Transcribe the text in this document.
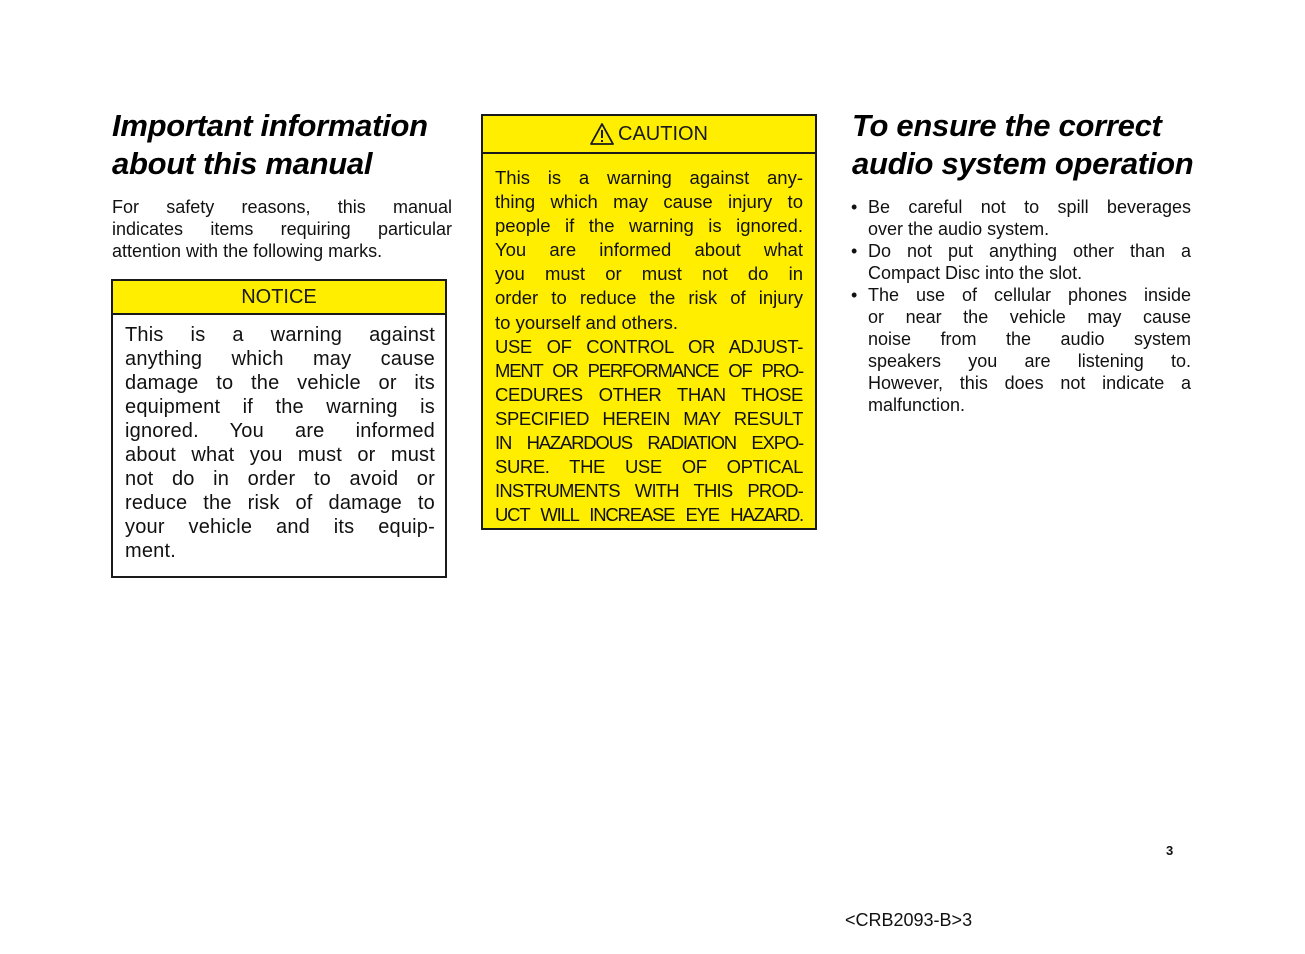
Important information
about this manual
For safety reasons, this manual
indicates items requiring particular
attention with the following marks.
NOTICE
This is a warning against
anything which may cause
damage to the vehicle or its
equipment if the warning is
ignored. You are informed
about what you must or must
not do in order to avoid or
reduce the risk of damage to
your vehicle and its equip-
ment.
CAUTION
This is a warning against any-
thing which may cause injury to
people if the warning is ignored.
You are informed about what
you must or must not do in
order to reduce the risk of injury
to yourself and others.
USE OF CONTROL OR ADJUST-
MENT OR PERFORMANCE OF PRO-
CEDURES OTHER THAN THOSE
SPECIFIED HEREIN MAY RESULT
IN HAZARDOUS RADIATION EXPO-
SURE. THE USE OF OPTICAL
INSTRUMENTS WITH THIS PROD-
UCT WILL INCREASE EYE HAZARD.
To ensure the correct
audio system operation
• Be careful not to spill beverages
over the audio system.
• Do not put anything other than a
Compact Disc into the slot.
• The use of cellular phones inside
or near the vehicle may cause
noise from the audio system
speakers you are listening to.
However, this does not indicate a
malfunction.
3
<CRB2093-B>3
